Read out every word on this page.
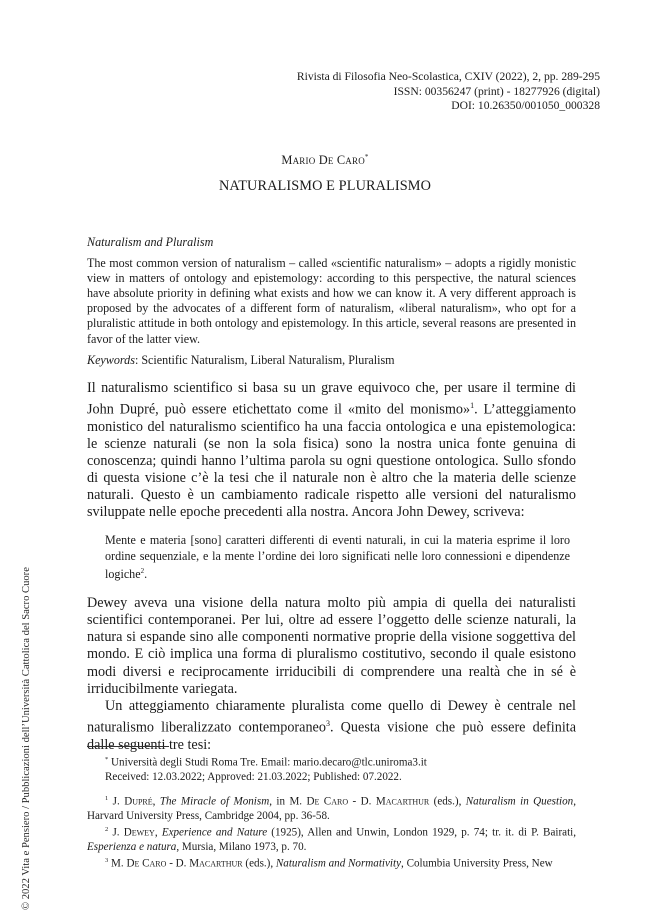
© 2022 Vita e Pensiero / Pubblicazioni dell’Università Cattolica del Sacro Cuore
Rivista di Filosofia Neo-Scolastica, CXIV (2022), 2, pp. 289-295
ISSN: 00356247 (print) - 18277926 (digital)
DOI: 10.26350/001050_000328
Mario De Caro*
NATURALISMO E PLURALISMO
Naturalism and Pluralism

The most common version of naturalism – called «scientific naturalism» – adopts a rigidly monistic view in matters of ontology and epistemology: according to this perspective, the natural sciences have absolute priority in defining what exists and how we can know it. A very different approach is proposed by the advocates of a different form of naturalism, «liberal naturalism», who opt for a pluralistic attitude in both ontology and epistemology. In this article, several reasons are presented in favor of the latter view.

Keywords: Scientific Naturalism, Liberal Naturalism, Pluralism

Il naturalismo scientifico si basa su un grave equivoco che, per usare il termine di John Dupré, può essere etichettato come il «mito del monismo»$^1$. L’atteggiamento monistico del naturalismo scientifico ha una faccia ontologica e una epistemologica: le scienze naturali (se non la sola fisica) sono la nostra unica fonte genuina di conoscenza; quindi hanno l’ultima parola su ogni questione ontologica. Sullo sfondo di questa visione c’è la tesi che il naturale non è altro che la materia delle scienze naturali. Questo è un cambiamento radicale rispetto alle versioni del naturalismo sviluppate nelle epoche precedenti alla nostra. Ancora John Dewey, scriveva:

Mente e materia [sono] caratteri differenti di eventi naturali, in cui la materia esprime il loro ordine sequenziale, e la mente l’ordine dei loro significati nelle loro connessioni e dipendenze logiche$^2$.

Dewey aveva una visione della natura molto più ampia di quella dei naturalisti scientifici contemporanei. Per lui, oltre ad essere l’oggetto delle scienze naturali, la natura si espande sino alle componenti normative proprie della visione soggettiva del mondo. E ciò implica una forma di pluralismo costitutivo, secondo il quale esistono modi diversi e reciprocamente irriducibili di comprendere una realtà che in sé è irriducibilmente variegata.

Un atteggiamento chiaramente pluralista come quello di Dewey è centrale nel naturalismo liberalizzato contemporaneo$^3$. Questa visione che può essere definita dalle seguenti tre tesi:

* Università degli Studi Roma Tre. Email: mario.decaro@tlc.uniroma3.it

Received: 12.03.2022; Approved: 21.03.2022; Published: 07.2022.

$^1$ J. Dupré, The Miracle of Monism, in M. De Caro - D. Macarthur (eds.), Naturalism in Question, Harvard University Press, Cambridge 2004, pp. 36-58.

$^2$ J. Dewey, Experience and Nature (1925), Allen and Unwin, London 1929, p. 74; tr. it. di P. Bairati, Esperienza e natura, Mursia, Milano 1973, p. 70.

$^3$ M. De Caro - D. Macarthur (eds.), Naturalism and Normativity, Columbia University Press, New
